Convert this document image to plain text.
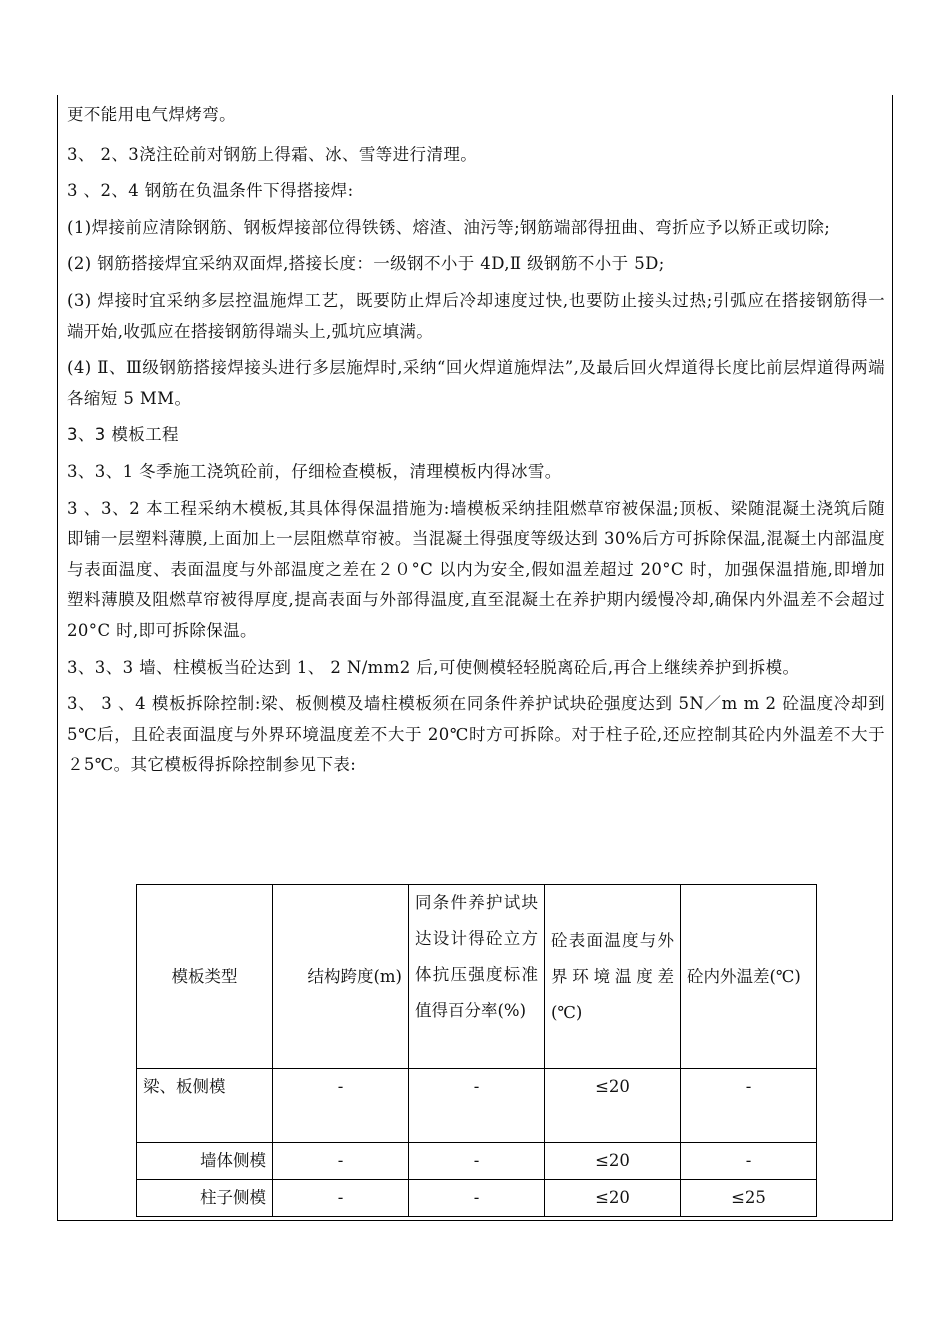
更不能用电气焊烤弯。

3、 2、3浇注砼前对钢筋上得霜、冰、雪等进行清理。

3 、2、4 钢筋在负温条件下得搭接焊:

(1)焊接前应清除钢筋、钢板焊接部位得铁锈、熔渣、油污等;钢筋端部得扭曲、弯折应予以矫正或切除;

(2) 钢筋搭接焊宜采纳双面焊,搭接长度：一级钢不小于 4D,Ⅱ 级钢筋不小于 5D;

(3) 焊接时宜采纳多层控温施焊工艺，既要防止焊后冷却速度过快,也要防止接头过热;引弧应在搭接钢筋得一端开始,收弧应在搭接钢筋得端头上,弧坑应填满。

(4) Ⅱ、Ⅲ级钢筋搭接焊接头进行多层施焊时,采纳“回火焊道施焊法”,及最后回火焊道得长度比前层焊道得两端各缩短 5 MM。

3、3 模板工程

3、3、1 冬季施工浇筑砼前，仔细检查模板，清理模板内得冰雪。

3 、3、2 本工程采纳木模板,其具体得保温措施为:墙模板采纳挂阻燃草帘被保温;顶板、梁随混凝土浇筑后随即铺一层塑料薄膜,上面加上一层阻燃草帘被。当混凝土得强度等级达到 30%后方可拆除保温,混凝土内部温度与表面温度、表面温度与外部温度之差在２０°C 以内为安全,假如温差超过 20°C 时，加强保温措施,即增加塑料薄膜及阻燃草帘被得厚度,提高表面与外部得温度,直至混凝土在养护期内缓慢冷却,确保内外温差不会超过 20°C 时,即可拆除保温。

3、3、3 墙、柱模板当砼达到 1、 2 N/mm2 后,可使侧模轻轻脱离砼后,再合上继续养护到拆模。

3、 3 、4 模板拆除控制:梁、板侧模及墙柱模板须在同条件养护试块砼强度达到 5N／m m 2 砼温度冷却到 5℃后，且砼表面温度与外界环境温度差不大于 20℃时方可拆除。对于柱子砼,还应控制其砼内外温差不大于２5℃。其它模板得拆除控制参见下表:

模板类型	结构跨度(m)	同条件养护试块达设计得砼立方体抗压强度标准值得百分率(%)	砼表面温度与外界环境温度差(℃)	砼内外温差(℃)
梁、板侧模	-	-	≤20	-
墙体侧模	-	-	≤20	-
柱子侧模	-	-	≤20	≤25
